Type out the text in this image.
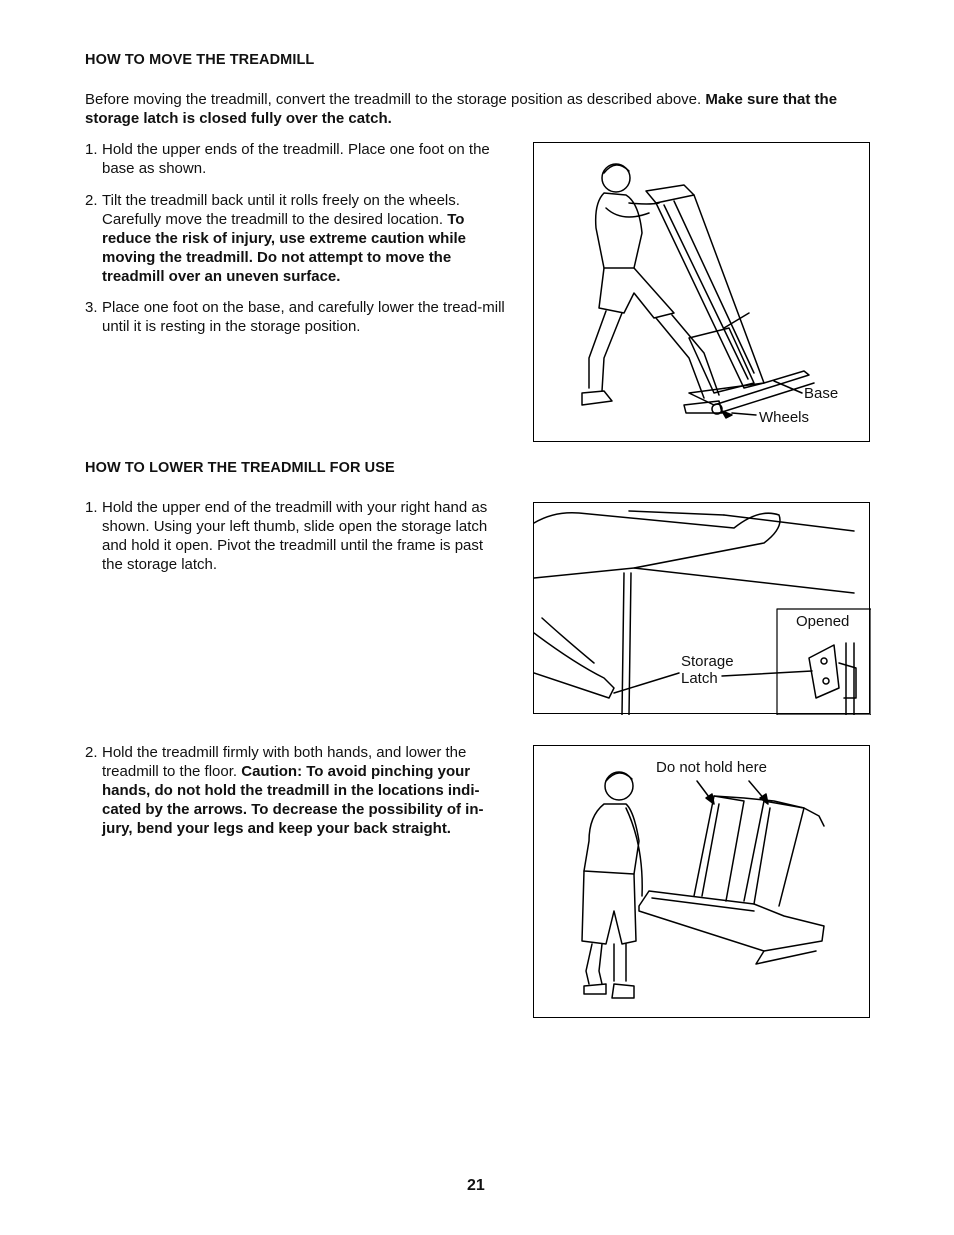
HOW TO MOVE THE TREADMILL
Before moving the treadmill, convert the treadmill to the storage position as described above. Make sure that the storage latch is closed fully over the catch.
1. Hold the upper ends of the treadmill. Place one foot on the base as shown.
2. Tilt the treadmill back until it rolls freely on the wheels. Carefully move the treadmill to the desired location. To reduce the risk of injury, use extreme caution while moving the treadmill. Do not attempt to move the treadmill over an uneven surface.
3. Place one foot on the base, and carefully lower the tread-mill until it is resting in the storage position.
Base
Wheels
HOW TO LOWER THE TREADMILL FOR USE
1. Hold the upper end of the treadmill with your right hand as shown. Using your left thumb, slide open the storage latch and hold it open. Pivot the treadmill until the frame is past the storage latch.
Opened
Storage
Latch
2. Hold the treadmill firmly with both hands, and lower the treadmill to the floor. Caution: To avoid pinching your hands, do not hold the treadmill in the locations indi-cated by the arrows. To decrease the possibility of in-jury, bend your legs and keep your back straight.
Do not hold here
21
